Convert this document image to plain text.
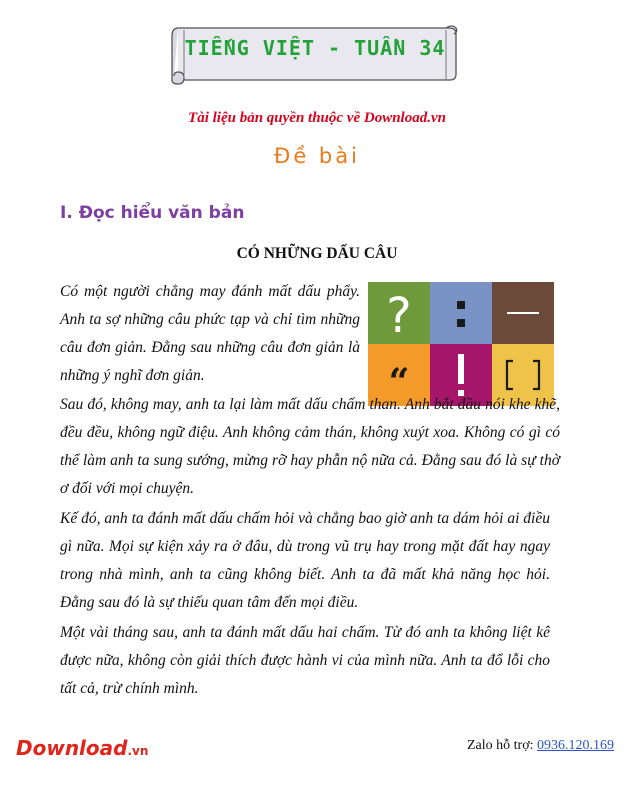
TIẾNG VIỆT - TUẦN 34
Tài liệu bản quyền thuộc về Download.vn
Đề bài
I. Đọc hiểu văn bản
CÓ NHỮNG DẤU CÂU
?
“

Có một người chẳng may đánh mất dấu phẩy. Anh ta sợ những câu phức tạp và chỉ tìm những câu đơn giản. Đằng sau những câu đơn giản là những ý nghĩ đơn giản.

Sau đó, không may, anh ta lại làm mất dấu chấm than. Anh bắt đầu nói khe khẽ, đều đều, không ngữ điệu. Anh không cảm thán, không xuýt xoa. Không có gì có thể làm anh ta sung sướng, mừng rỡ hay phẫn nộ nữa cả. Đằng sau đó là sự thờ ơ đối với mọi chuyện.

Kế đó, anh ta đánh mất dấu chấm hỏi và chẳng bao giờ anh ta dám hỏi ai điều gì nữa. Mọi sự kiện xảy ra ở đâu, dù trong vũ trụ hay trong mặt đất hay ngay trong nhà mình, anh ta cũng không biết. Anh ta đã mất khả năng học hỏi. Đằng sau đó là sự thiếu quan tâm đến mọi điều.

Một vài tháng sau, anh ta đánh mất dấu hai chấm. Từ đó anh ta không liệt kê được nữa, không còn giải thích được hành vi của mình nữa. Anh ta đổ lỗi cho tất cả, trừ chính mình.

Download.vn	Zalo hỗ trợ: 0936.120.169
